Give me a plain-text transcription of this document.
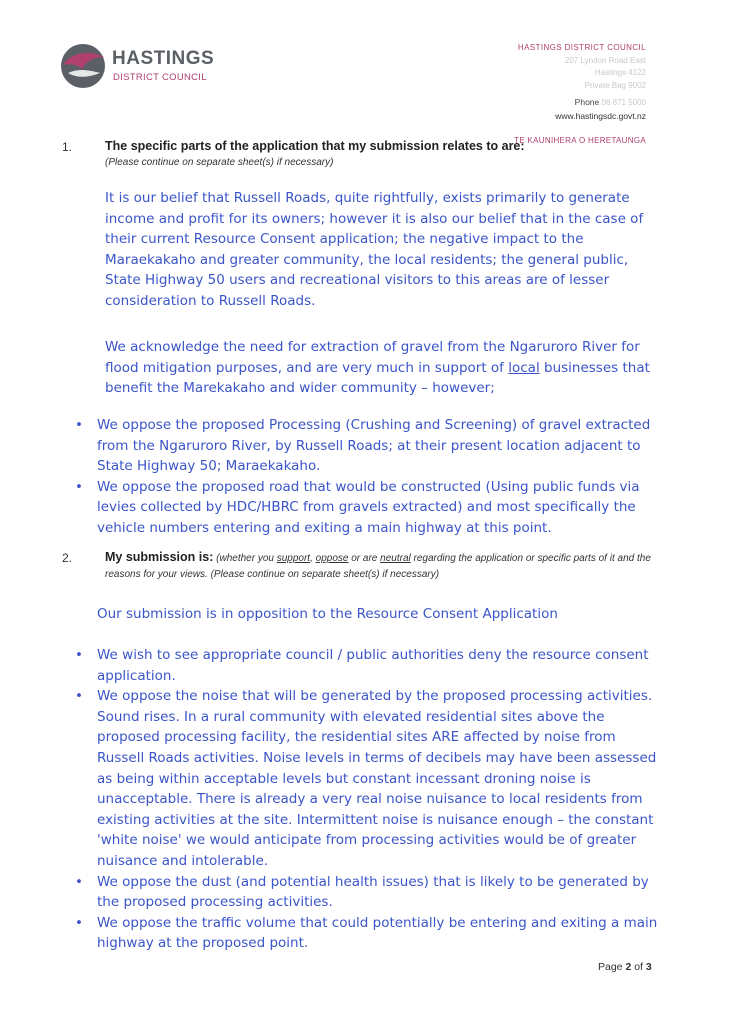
HASTINGS
DISTRICT COUNCIL
HASTINGS DISTRICT COUNCIL
207 Lyndon Road East
Hastings 4122
Private Bag 9002
Phone 06 871 5000
www.hastingsdc.govt.nz
TE KAUNIHERA O HERETAUNGA
1.	The specific parts of the application that my submission relates to are:
(Please continue on separate sheet(s) if necessary)
It is our belief that Russell Roads, quite rightfully, exists primarily to generate income and profit for its owners; however it is also our belief that in the case of their current Resource Consent application; the negative impact to the Maraekakaho and greater community, the local residents; the general public, State Highway 50 users and recreational visitors to this areas are of lesser consideration to Russell Roads.
We acknowledge the need for extraction of gravel from the Ngaruroro River for flood mitigation purposes, and are very much in support of local businesses that benefit the Marekakaho and wider community – however;
• We oppose the proposed Processing (Crushing and Screening) of gravel extracted from the Ngaruroro River, by Russell Roads; at their present location adjacent to State Highway 50; Maraekakaho.
• We oppose the proposed road that would be constructed (Using public funds via levies collected by HDC/HBRC from gravels extracted) and most specifically the vehicle numbers entering and exiting a main highway at this point.
2.	My submission is: (whether you support, oppose or are neutral regarding the application or specific parts of it and the reasons for your views. (Please continue on separate sheet(s) if necessary)
Our submission is in opposition to the Resource Consent Application
• We wish to see appropriate council / public authorities deny the resource consent application.
• We oppose the noise that will be generated by the proposed processing activities. Sound rises. In a rural community with elevated residential sites above the proposed processing facility, the residential sites ARE affected by noise from Russell Roads activities. Noise levels in terms of decibels may have been assessed as being within acceptable levels but constant incessant droning noise is unacceptable. There is already a very real noise nuisance to local residents from existing activities at the site. Intermittent noise is nuisance enough – the constant 'white noise' we would anticipate from processing activities would be of greater nuisance and intolerable.
• We oppose the dust (and potential health issues) that is likely to be generated by the proposed processing activities.
• We oppose the traffic volume that could potentially be entering and exiting a main highway at the proposed point.
Page 2 of 3
